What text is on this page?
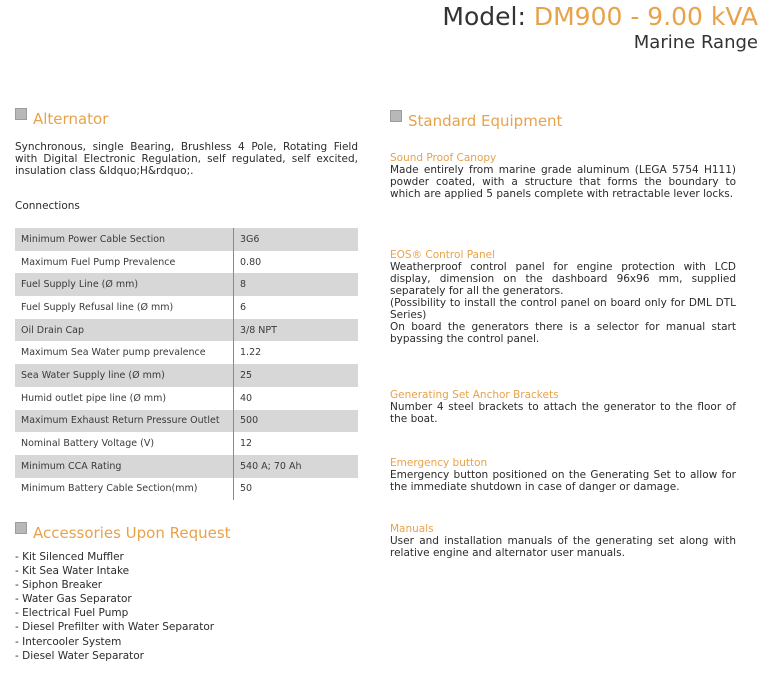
Model: DM900 - 9.00 kVA
Marine Range
Alternator
Synchronous, single Bearing, Brushless 4 Pole, Rotating Field with Digital Electronic Regulation, self regulated, self excited, insulation class &ldquo;H&rdquo;.
Connections
Minimum Power Cable Section	3G6
Maximum Fuel Pump Prevalence	0.80
Fuel Supply Line (Ø mm)	8
Fuel Supply Refusal line (Ø mm)	6
Oil Drain Cap	3/8 NPT
Maximum Sea Water pump prevalence	1.22
Sea Water Supply line (Ø mm)	25
Humid outlet pipe line (Ø mm)	40
Maximum Exhaust Return Pressure Outlet	500
Nominal Battery Voltage (V)	12
Minimum CCA Rating	540 A; 70 Ah
Minimum Battery Cable Section(mm)	50
Accessories Upon Request
- Kit Silenced Muffler
- Kit Sea Water Intake
- Siphon Breaker
- Water Gas Separator
- Electrical Fuel Pump
- Diesel Prefilter with Water Separator
- Intercooler System
- Diesel Water Separator
Standard Equipment
Sound Proof Canopy
Made entirely from marine grade aluminum (LEGA 5754 H111) powder coated, with a structure that forms the boundary to which are applied 5 panels complete with retractable lever locks.
EOS® Control Panel
Weatherproof control panel for engine protection with LCD display, dimension on the dashboard 96x96 mm, supplied separately for all the generators.
(Possibility to install the control panel on board only for DML DTL Series)
On board the generators there is a selector for manual start bypassing the control panel.
Generating Set Anchor Brackets
Number 4 steel brackets to attach the generator to the floor of the boat.
Emergency button
Emergency button positioned on the Generating Set to allow for the immediate shutdown in case of danger or damage.
Manuals
User and installation manuals of the generating set along with relative engine and alternator user manuals.
